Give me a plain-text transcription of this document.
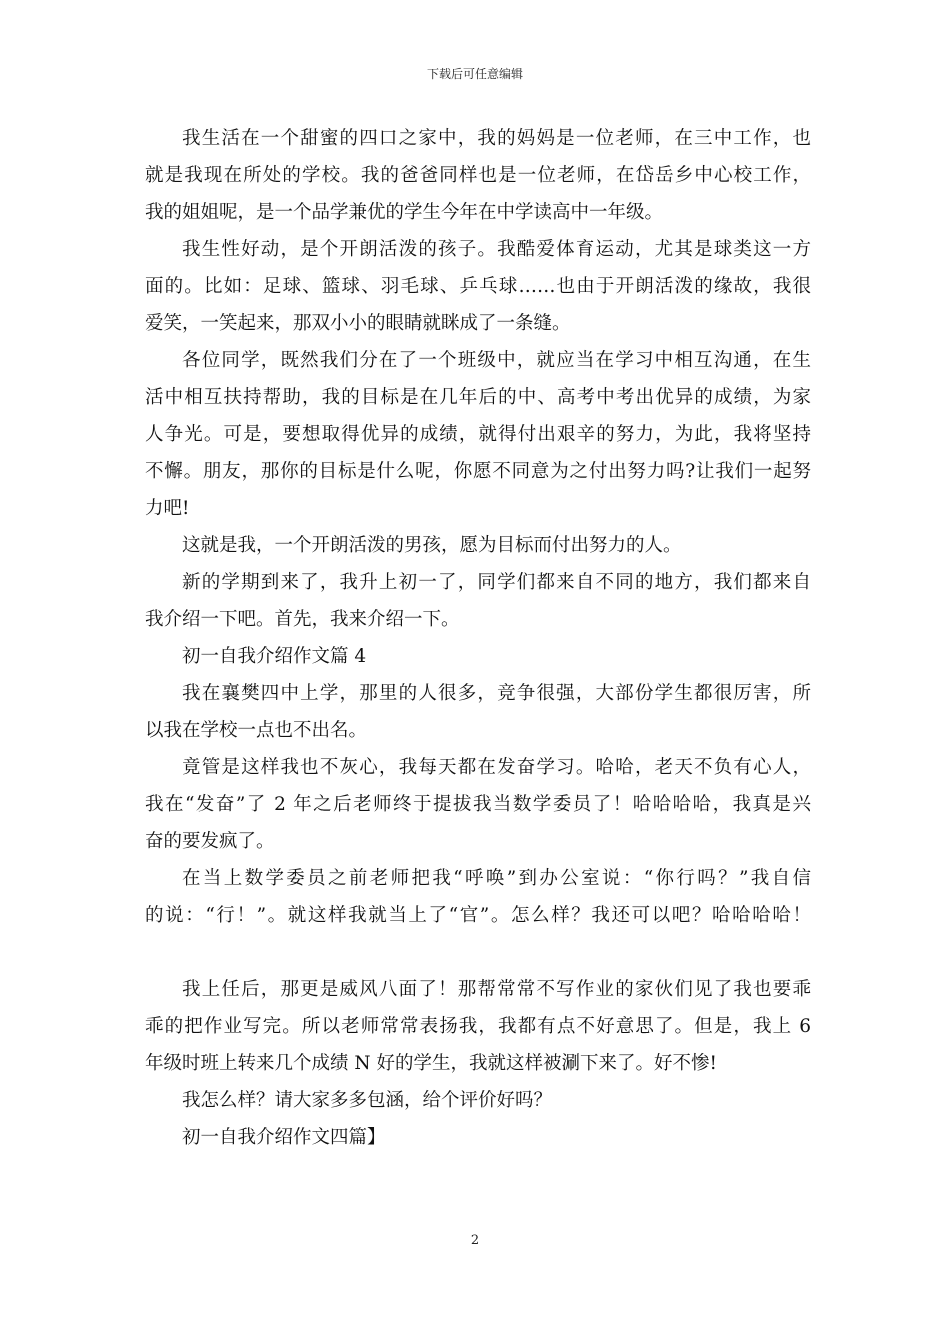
下载后可任意编辑
我生活在一个甜蜜的四口之家中，我的妈妈是一位老师，在三中工作，也
就是我现在所处的学校。我的爸爸同样也是一位老师，在岱岳乡中心校工作，
我的姐姐呢，是一个品学兼优的学生今年在中学读高中一年级。
我生性好动，是个开朗活泼的孩子。我酷爱体育运动，尤其是球类这一方
面的。比如：足球、篮球、羽毛球、乒乓球……也由于开朗活泼的缘故，我很
爱笑，一笑起来，那双小小的眼睛就眯成了一条缝。
各位同学，既然我们分在了一个班级中，就应当在学习中相互沟通，在生
活中相互扶持帮助，我的目标是在几年后的中、高考中考出优异的成绩，为家
人争光。可是，要想取得优异的成绩，就得付出艰辛的努力，为此，我将坚持
不懈。朋友，那你的目标是什么呢，你愿不同意为之付出努力吗?让我们一起努
力吧!
这就是我，一个开朗活泼的男孩，愿为目标而付出努力的人。
新的学期到来了，我升上初一了，同学们都来自不同的地方，我们都来自
我介绍一下吧。首先，我来介绍一下。
初一自我介绍作文篇 4
我在襄樊四中上学，那里的人很多，竞争很强，大部份学生都很厉害，所
以我在学校一点也不出名。
竟管是这样我也不灰心，我每天都在发奋学习。哈哈，老天不负有心人，
我在“发奋”了 2 年之后老师终于提拔我当数学委员了！哈哈哈哈，我真是兴
奋的要发疯了。
在当上数学委员之前老师把我“呼唤”到办公室说：“你行吗？”我自信
的说：“行！”。就这样我就当上了“官”。怎么样？我还可以吧？哈哈哈哈！
我上任后，那更是威风八面了！那帮常常不写作业的家伙们见了我也要乖
乖的把作业写完。所以老师常常表扬我，我都有点不好意思了。但是，我上 6
年级时班上转来几个成绩 N 好的学生，我就这样被涮下来了。好不惨!
我怎么样？请大家多多包涵，给个评价好吗？
初一自我介绍作文四篇】
2
